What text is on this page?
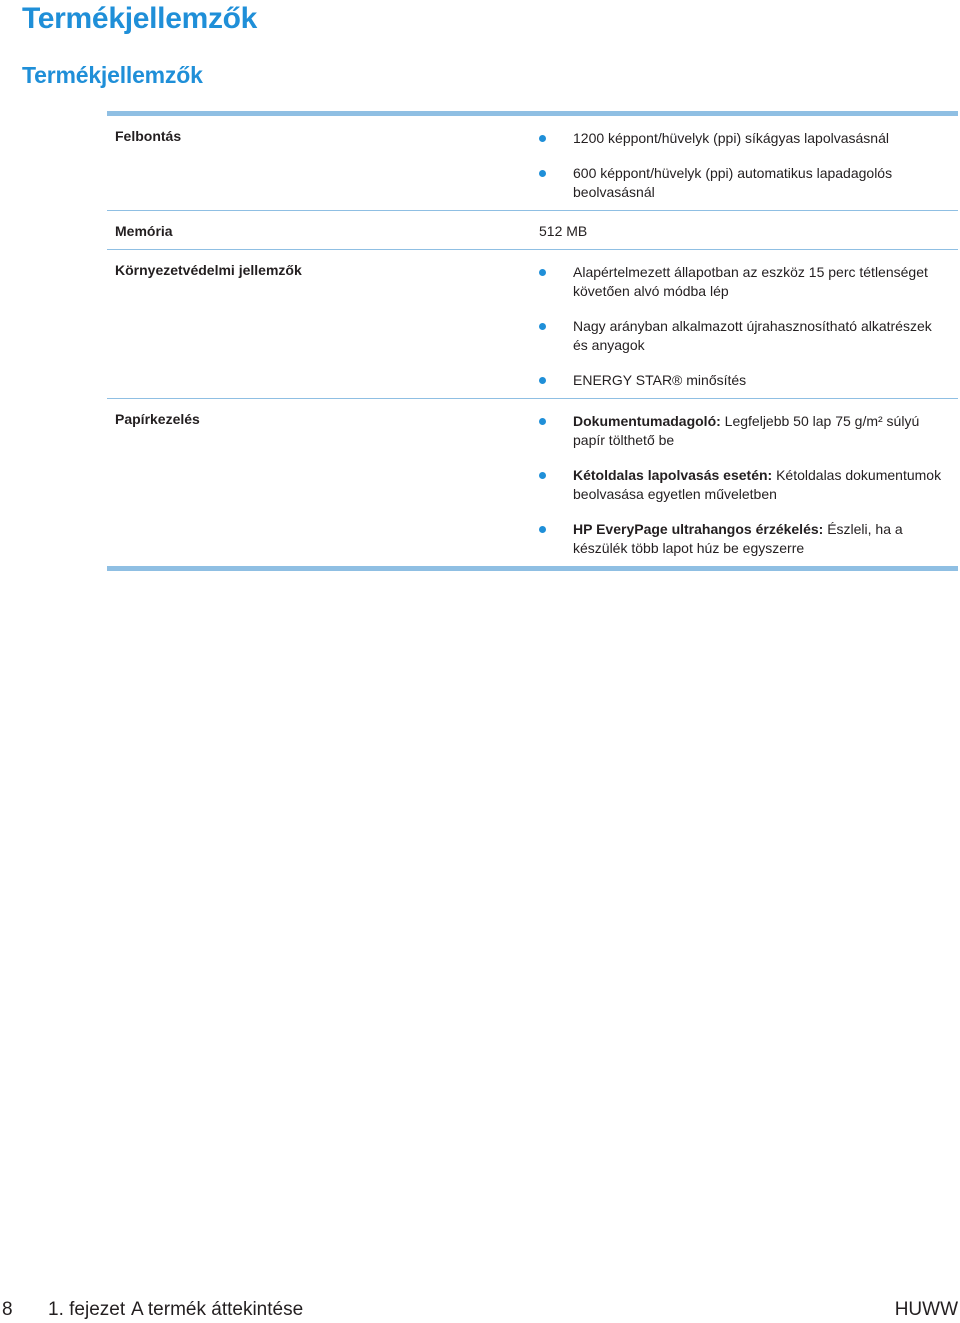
Termékjellemzők
Termékjellemzők
Felbontás	1200 képpont/hüvelyk (ppi) síkágyas lapolvasásnál
600 képpont/hüvelyk (ppi) automatikus lapadagolós beolvasásnál
Memória	512 MB
Környezetvédelmi jellemzők	Alapértelmezett állapotban az eszköz 15 perc tétlenséget követően alvó módba lép
Nagy arányban alkalmazott újrahasznosítható alkatrészek és anyagok
ENERGY STAR® minősítés
Papírkezelés	Dokumentumadagoló: Legfeljebb 50 lap 75 g/m² súlyú papír tölthető be
Kétoldalas lapolvasás esetén: Kétoldalas dokumentumok beolvasása egyetlen műveletben
HP EveryPage ultrahangos érzékelés: Észleli, ha a készülék több lapot húz be egyszerre
8 1. fejezet A termék áttekintése	HUWW
